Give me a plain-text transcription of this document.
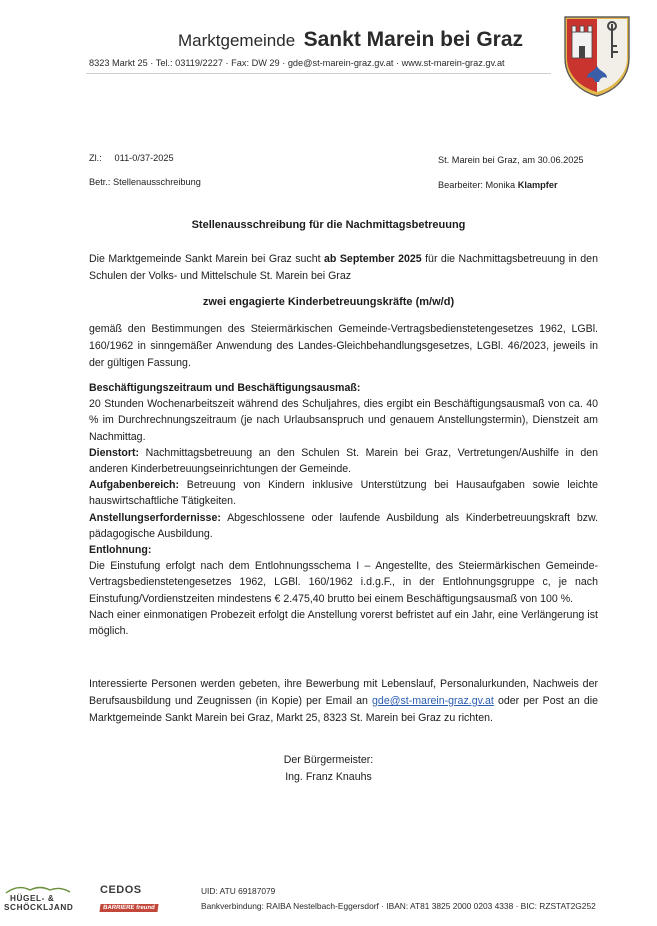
Marktgemeinde Sankt Marein bei Graz
8323 Markt 25 · Tel.: 03119/2227 · Fax: DW 29 · gde@st-marein-graz.gv.at · www.st-marein-graz.gv.at
Zl.: 011-0/37-2025	St. Marein bei Graz, am 30.06.2025
Betr.: Stellenausschreibung	Bearbeiter: Monika Klampfer
Stellenausschreibung für die Nachmittagsbetreuung
Die Marktgemeinde Sankt Marein bei Graz sucht ab September 2025 für die Nachmittagsbetreuung in den Schulen der Volks- und Mittelschule St. Marein bei Graz
zwei engagierte Kinderbetreuungskräfte (m/w/d)
gemäß den Bestimmungen des Steiermärkischen Gemeinde-Vertragsbedienstetengesetzes 1962, LGBl. 160/1962 in sinngemäßer Anwendung des Landes-Gleichbehandlungsgesetzes, LGBl. 46/2023, jeweils in der gültigen Fassung.
Beschäftigungszeitraum und Beschäftigungsausmaß:
20 Stunden Wochenarbeitszeit während des Schuljahres, dies ergibt ein Beschäftigungsausmaß von ca. 40 % im Durchrechnungszeitraum (je nach Urlaubsanspruch und genauem Anstellungstermin), Dienstzeit am Nachmittag.
Dienstort: Nachmittagsbetreuung an den Schulen St. Marein bei Graz, Vertretungen/Aushilfe in den anderen Kinderbetreuungseinrichtungen der Gemeinde.
Aufgabenbereich: Betreuung von Kindern inklusive Unterstützung bei Hausaufgaben sowie leichte hauswirtschaftliche Tätigkeiten.
Anstellungserfordernisse: Abgeschlossene oder laufende Ausbildung als Kinderbetreuungskraft bzw. pädagogische Ausbildung.
Entlohnung:
Die Einstufung erfolgt nach dem Entlohnungsschema I – Angestellte, des Steiermärkischen Gemeinde- Vertragsbedienstetengesetzes 1962, LGBl. 160/1962 i.d.g.F., in der Entlohnungsgruppe c, je nach Einstufung/Vordienstzeiten mindestens € 2.475,40 brutto bei einem Beschäftigungsausmaß von 100 %.
Nach einer einmonatigen Probezeit erfolgt die Anstellung vorerst befristet auf ein Jahr, eine Verlängerung ist möglich.
Interessierte Personen werden gebeten, ihre Bewerbung mit Lebenslauf, Personalurkunden, Nachweis der Berufsausbildung und Zeugnissen (in Kopie) per Email an gde@st-marein-graz.gv.at oder per Post an die Marktgemeinde Sankt Marein bei Graz, Markt 25, 8323 St. Marein bei Graz zu richten.
Der Bürgermeister:
Ing. Franz Knauhs
HÜGEL- &
SCHÖCKLJAND
CEDOS
BARRIERE freund
UID: ATU 69187079
Bankverbindung: RAIBA Nestelbach-Eggersdorf · IBAN: AT81 3825 2000 0203 4338 · BIC: RZSTAT2G252
